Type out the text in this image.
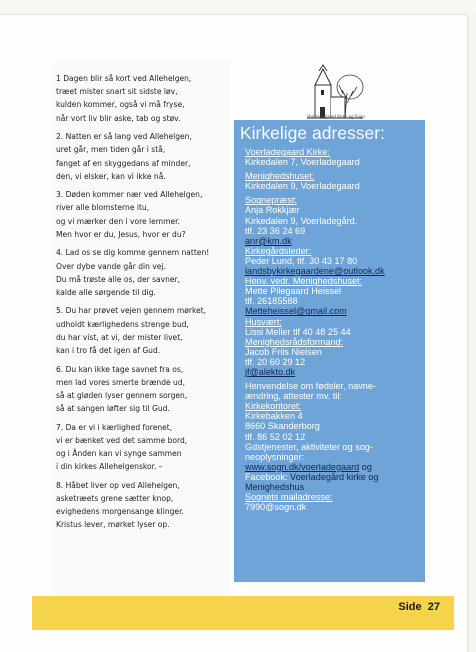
1 Dagen blir så kort ved Allehelgen,
træet mister snart sit sidste løv,
kulden kommer, også vi må fryse,
når vort liv blir aske, tab og støv.
2. Natten er så lang ved Allehelgen,
uret går, men tiden går i stå,
fanget af en skyggedans af minder,
den, vi elsker, kan vi ikke nå.
3. Døden kommer nær ved Allehelgen,
river alle blomsterne itu,
og vi mærker den i vore lemmer.
Men hvor er du, Jesus, hvor er du?
4. Lad os se dig komme gennem natten!
Over dybe vande går din vej.
Du må trøste alle os, der savner,
kalde alle sørgende til dig.
5. Du har prøvet vejen gennem mørket,
udholdt kærlighedens strenge bud,
du har vist, at vi, der mister livet,
kan i tro få det igen af Gud.
6. Du kan ikke tage savnet fra os,
men lad vores smerte brænde ud,
så at gløden lyser gennem sorgen,
så at sangen løfter sig til Gud.
7. Da er vi i kærlighed forenet,
vi er bænket ved det samme bord,
og i Ånden kan vi synge sammen
i din kirkes Allehelgenskor. –
8. Håbet liver op ved Allehelgen,
asketræets grene sætter knop,
evighedens morgensange klinger.
Kristus lever, mørket lyser op.
Voerladegaard Kirke og Sogn
Kirkelige adresser:
Voerladegaard Kirke:
Kirkedalen 7, Voerladegaard
Menighedshuset:
Kirkedalen 9, Voerladegaard
Sognepræst:
Anja Rokkjær
Kirkedalen 9, Voerladegård.
tlf. 23 36 24 69
anr@km.dk
Kirkegårdsleder:
Peder Lund, tlf. 30 43 17 80
landsbykirkegaardene@outlook.dk
Henv. vedr. Menighedshuset:
Mette Pilegaard Heissel
tlf. 26185588
Metteheissel@gmail.com
Husvært:
Lissi Meller tlf 40 48 25 44
Menighedsrådsformand:
Jacob Friis Nielsen
tlf. 20 60 29 12
jf@alekto.dk
Henvendelse om fødsler, navne-
ændring, attester mv. til:
Kirkekontoret:
Kirkebakken 4
8660 Skanderborg
tlf. 86 52 02 12
Gdstjenester, aktiviteter og sog-
neoplysninger:
www.sogn.dk/voerladegaard og
Facebook: Voerladegård kirke og
Menighedshus
Sognets mailadresse:
7990@sogn.dk
Side 27
